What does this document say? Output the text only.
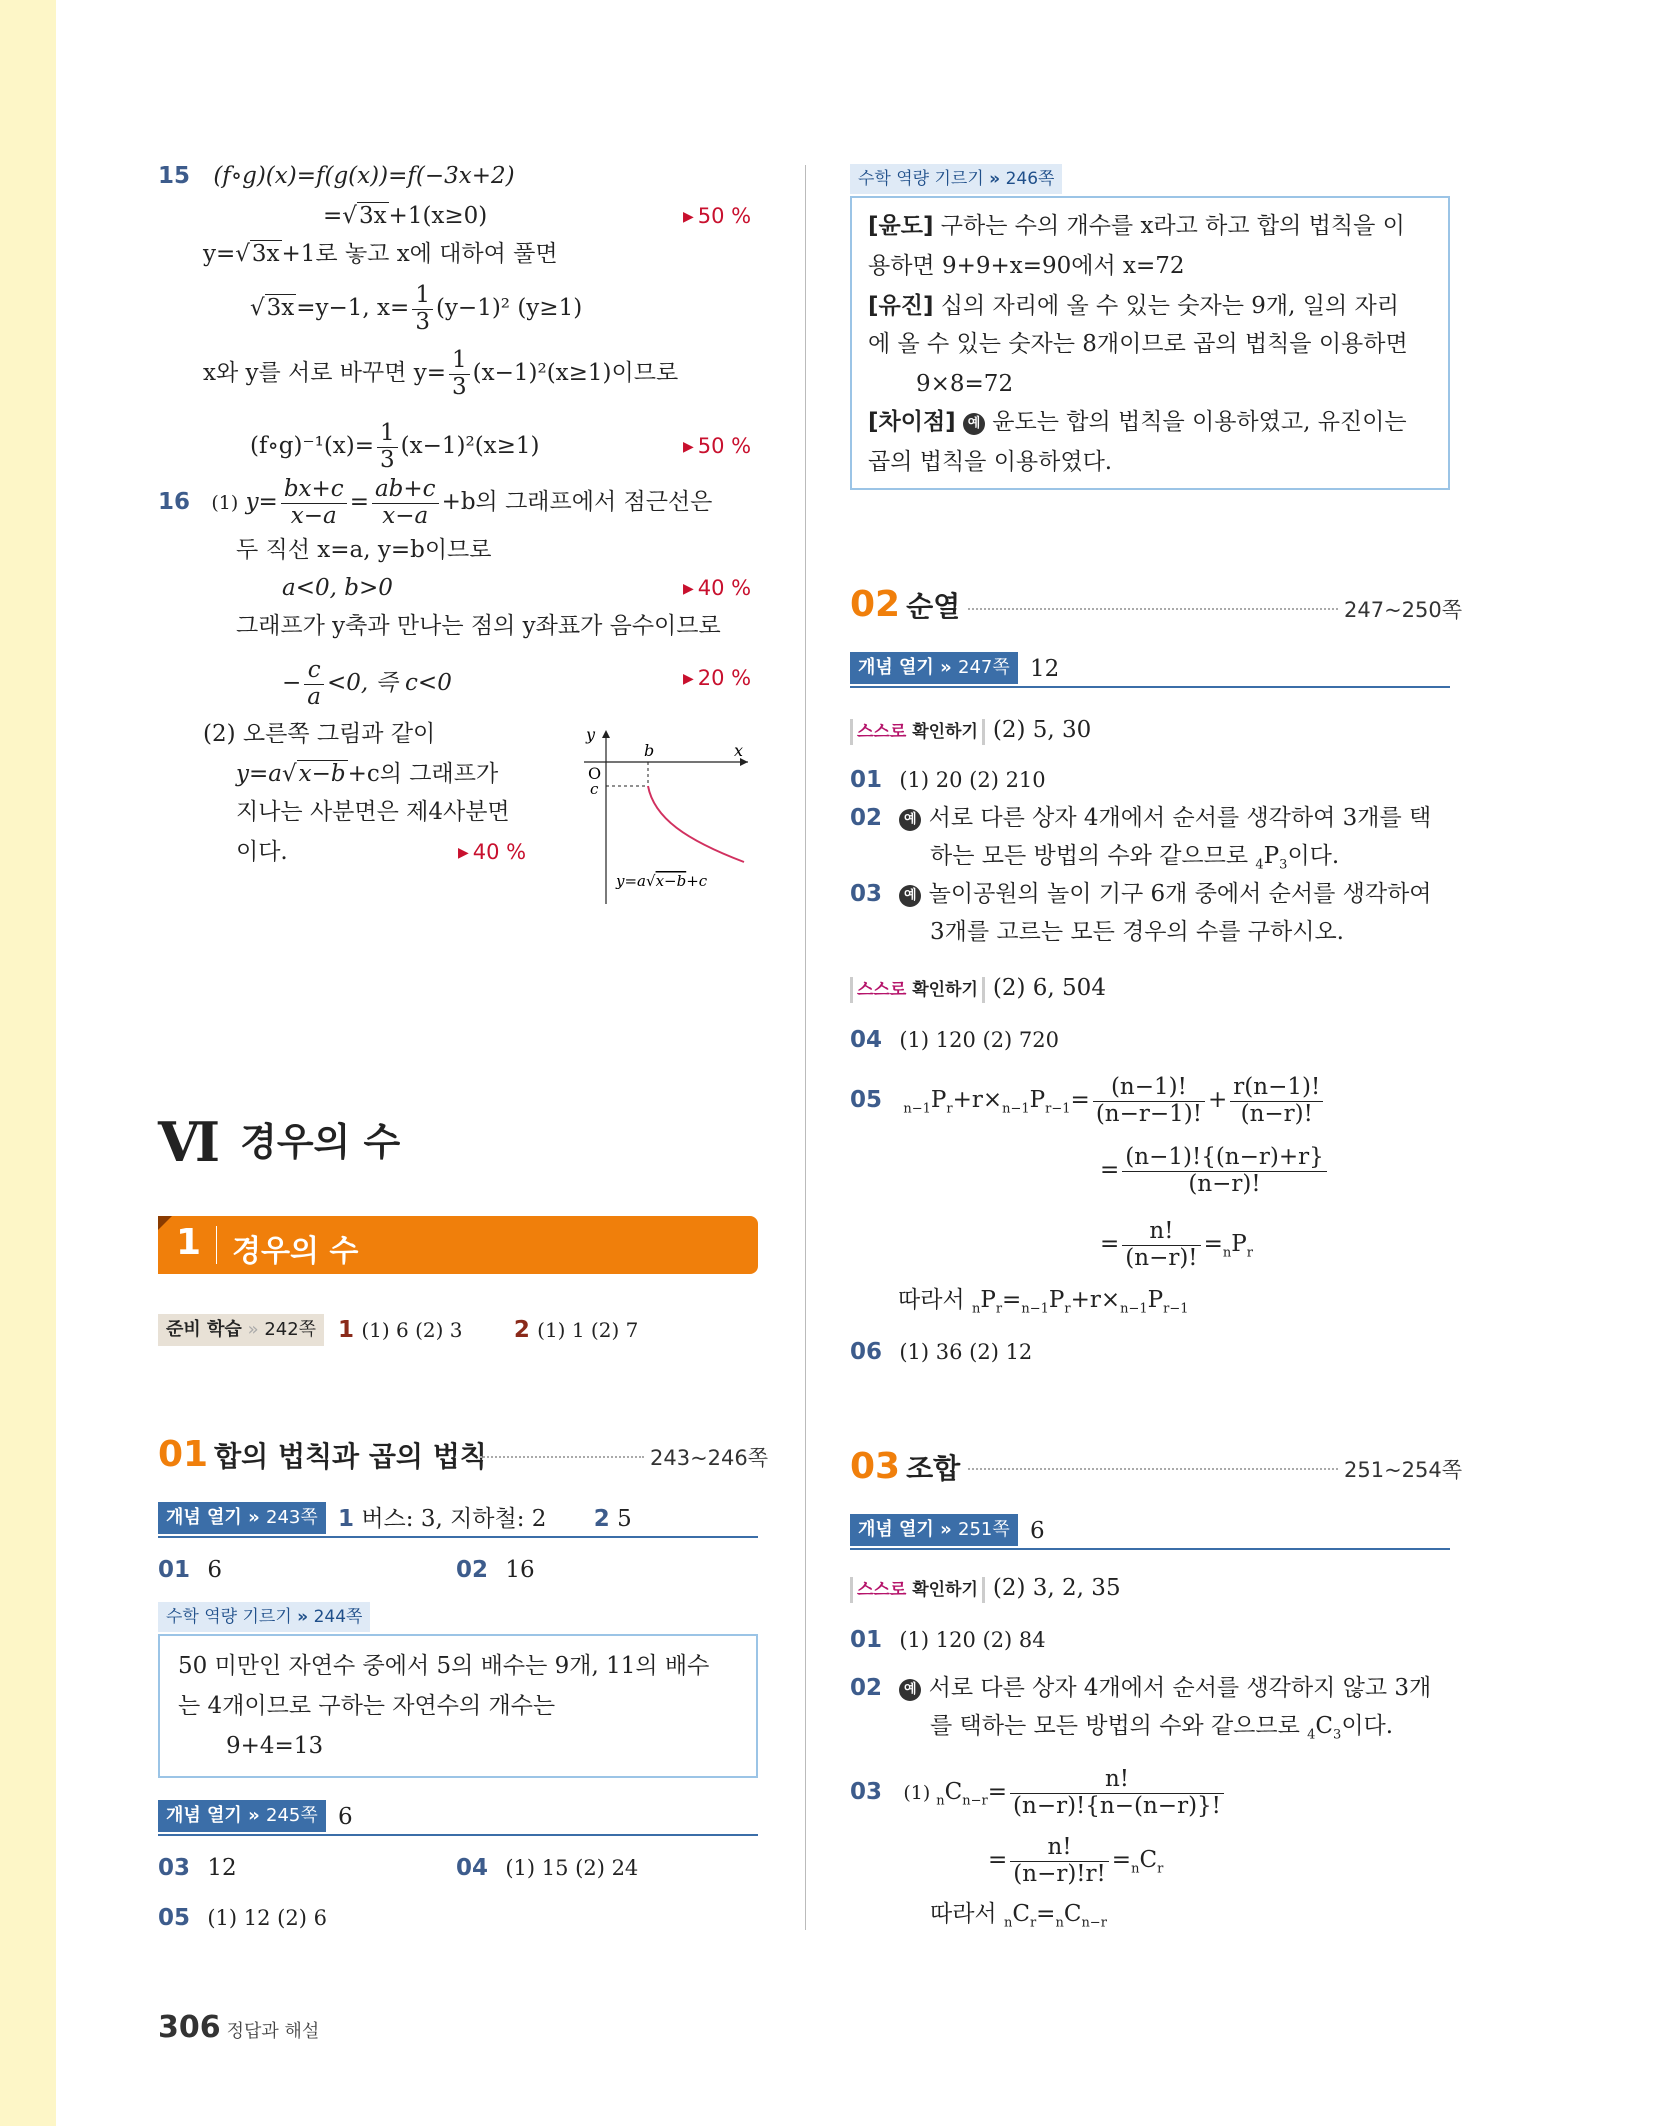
15 (f∘g)(x)=f(g(x))=f(−3x+2)
=√3x+1(x≥0)	▶ 50 %
y=√3x+1로 놓고 x에 대하여 풀면
√3x=y−1, $x= \frac{1}{3} (y-1)^2$ (y≥1)
x와 y를 서로 바꾸면 $y= \frac{1}{3} (x-1)^2(x\ge 1)$이므로
(f∘g)⁻¹(x)= $\frac{1}{3} (x-1)^2(x\ge 1)$	▶ 50 %
16 (1) $y= \frac{bx+c}{x-a} = \frac{ab+c}{x-a} +b$의 그래프에서 점근선은
두 직선 x=a, y=b이므로
a<0, b>0	▶ 40 %
그래프가 y축과 만나는 점의 y좌표가 음수이므로
− $\frac{c}{a} <0$, 즉 c<0	▶ 20 %
(2) 오른쪽 그림과 같이
y=a√x−b+c의 그래프가
지나는 사분면은 제4사분면
이다.	▶ 40 %
y
x
b
O
c
y=a√x−b+c
Ⅵ 경우의 수
1 경우의 수
준비 학습 » 242쪽 1 (1) 6 (2) 3 2 (1) 1 (2) 7
01 합의 법칙과 곱의 법칙	243~246쪽
개념 열기 » 243쪽 1 버스: 3, 지하철: 2 2 5
01 6	02 16
수학 역량 기르기 » 244쪽
50 미만인 자연수 중에서 5의 배수는 9개, 11의 배수
는 4개이므로 구하는 자연수의 개수는
9+4=13
개념 열기 » 245쪽 6
03 12	04 (1) 15 (2) 24
05 (1) 12 (2) 6
수학 역량 기르기 » 246쪽
[윤도] 구하는 수의 개수를 x라고 하고 합의 법칙을 이
용하면 9+9+x=90에서 x=72
[유진] 십의 자리에 올 수 있는 숫자는 9개, 일의 자리
에 올 수 있는 숫자는 8개이므로 곱의 법칙을 이용하면
9×8=72
[차이점] 예 윤도는 합의 법칙을 이용하였고, 유진이는
곱의 법칙을 이용하였다.
02 순열	247~250쪽
개념 열기 » 247쪽 12
스스로 확인하기 (2) 5, 30
01 (1) 20 (2) 210
02 예 서로 다른 상자 4개에서 순서를 생각하여 3개를 택
하는 모든 방법의 수와 같으므로 $_4P_3$이다.
03 예 놀이공원의 놀이 기구 6개 중에서 순서를 생각하여
3개를 고르는 모든 경우의 수를 구하시오.
스스로 확인하기 (2) 6, 504
04 (1) 120 (2) 720
05 $_{n-1}P_r+r\times_{n-1}P_{r-1}= \frac{(n-1)!}{(n-r-1)!} + \frac{r(n-1)!}{(n-r)!}$
= $\frac{(n-1)!\{(n-r)+r\}}{(n-r)!}$
= $\frac{n!}{(n-r)!} =_nP_r$
따라서 $_nP_r=_{n-1}P_r+r\times_{n-1}P_{r-1}$
06 (1) 36 (2) 12
03 조합	251~254쪽
개념 열기 » 251쪽 6
스스로 확인하기 (2) 3, 2, 35
01 (1) 120 (2) 84
02 예 서로 다른 상자 4개에서 순서를 생각하지 않고 3개
를 택하는 모든 방법의 수와 같으므로 $_4C_3$이다.
03 (1) $_nC_{n-r}= \frac{n!}{(n-r)!\{n-(n-r)\}!}$
= $\frac{n!}{(n-r)!r!} =_nC_r$
따라서 $_nC_r=_nC_{n-r}$
306 정답과 해설
